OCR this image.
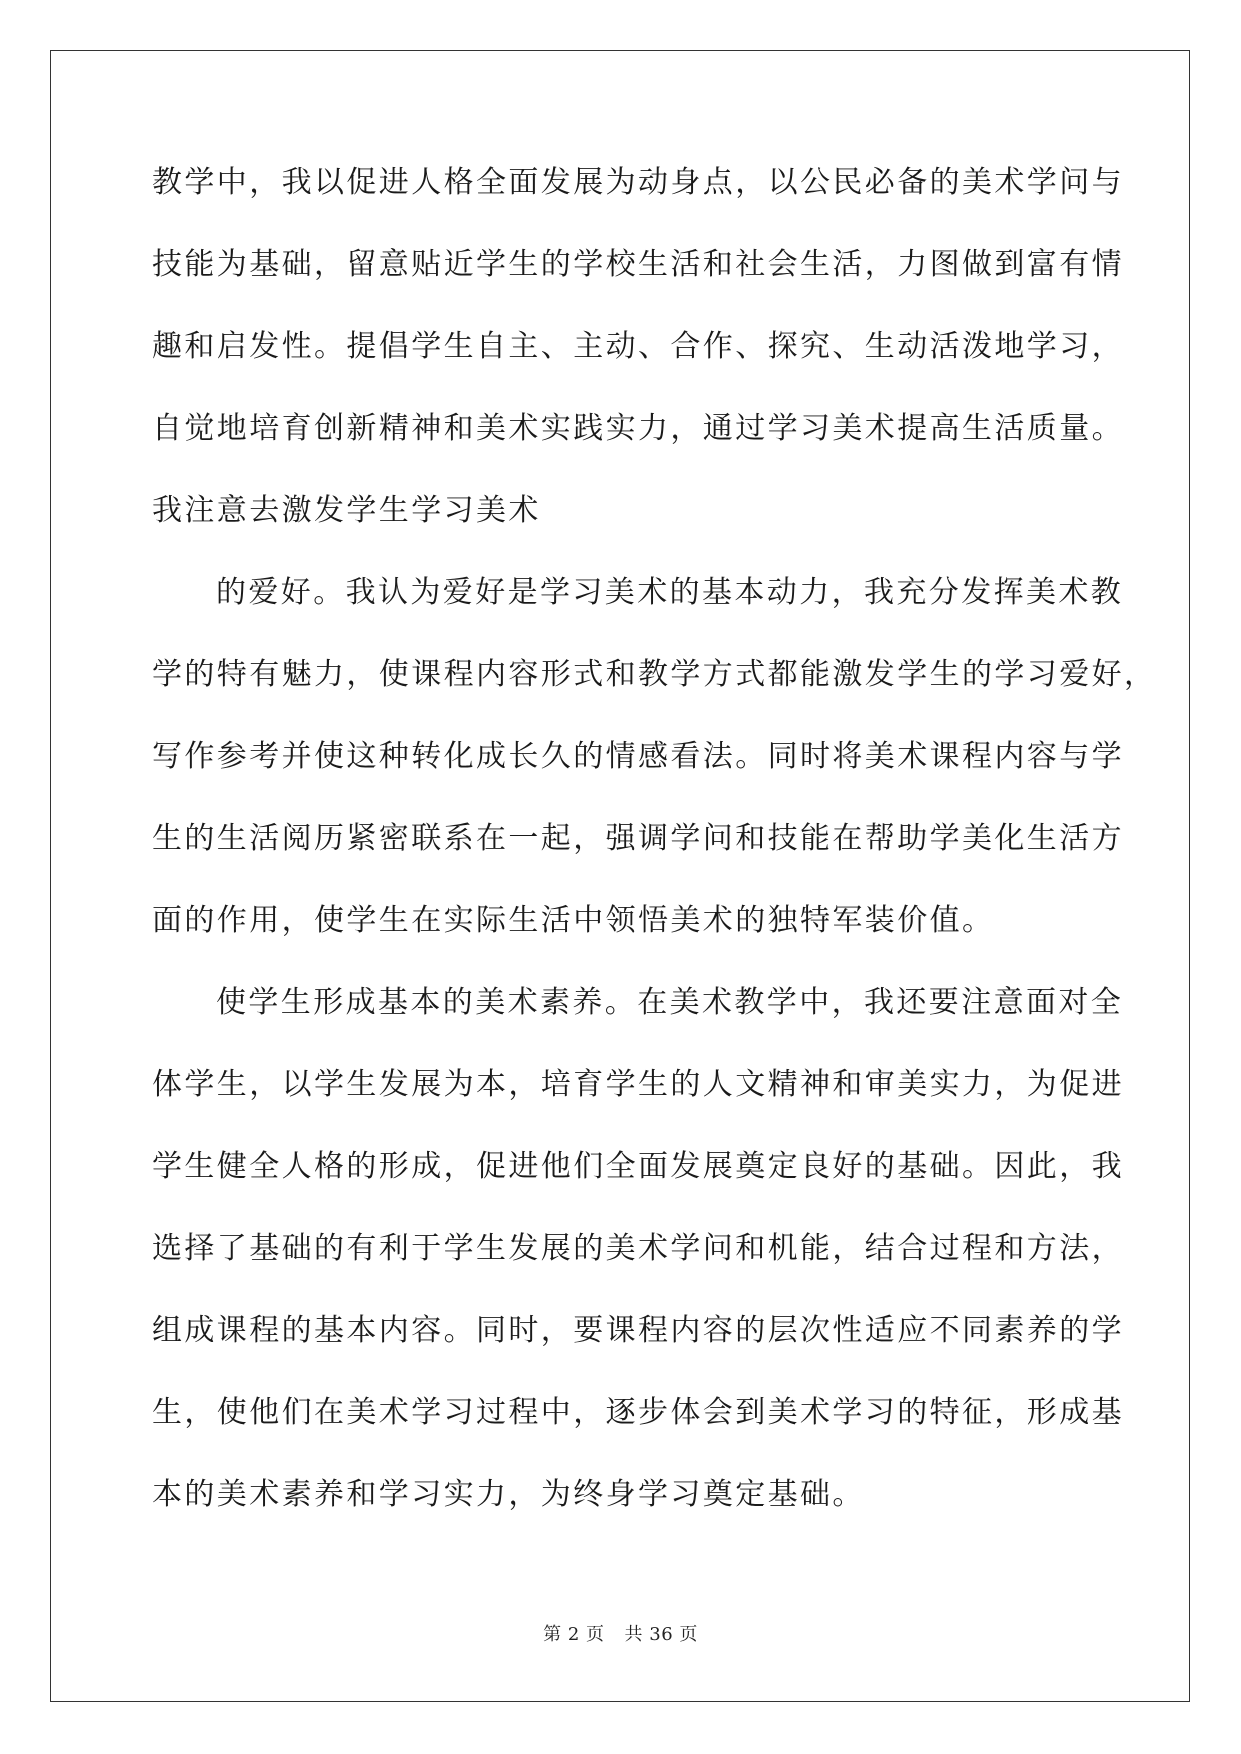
教学中，我以促进人格全面发展为动身点，以公民必备的美术学问与
技能为基础，留意贴近学生的学校生活和社会生活，力图做到富有情
趣和启发性。提倡学生自主、主动、合作、探究、生动活泼地学习，
自觉地培育创新精神和美术实践实力，通过学习美术提高生活质量。
我注意去激发学生学习美术
的爱好。我认为爱好是学习美术的基本动力，我充分发挥美术教
学的特有魅力，使课程内容形式和教学方式都能激发学生的学习爱好，
写作参考并使这种转化成长久的情感看法。同时将美术课程内容与学
生的生活阅历紧密联系在一起，强调学问和技能在帮助学美化生活方
面的作用，使学生在实际生活中领悟美术的独特军装价值。
使学生形成基本的美术素养。在美术教学中，我还要注意面对全
体学生，以学生发展为本，培育学生的人文精神和审美实力，为促进
学生健全人格的形成，促进他们全面发展奠定良好的基础。因此，我
选择了基础的有利于学生发展的美术学问和机能，结合过程和方法，
组成课程的基本内容。同时，要课程内容的层次性适应不同素养的学
生，使他们在美术学习过程中，逐步体会到美术学习的特征，形成基
本的美术素养和学习实力，为终身学习奠定基础。
第 2 页 共 36 页
